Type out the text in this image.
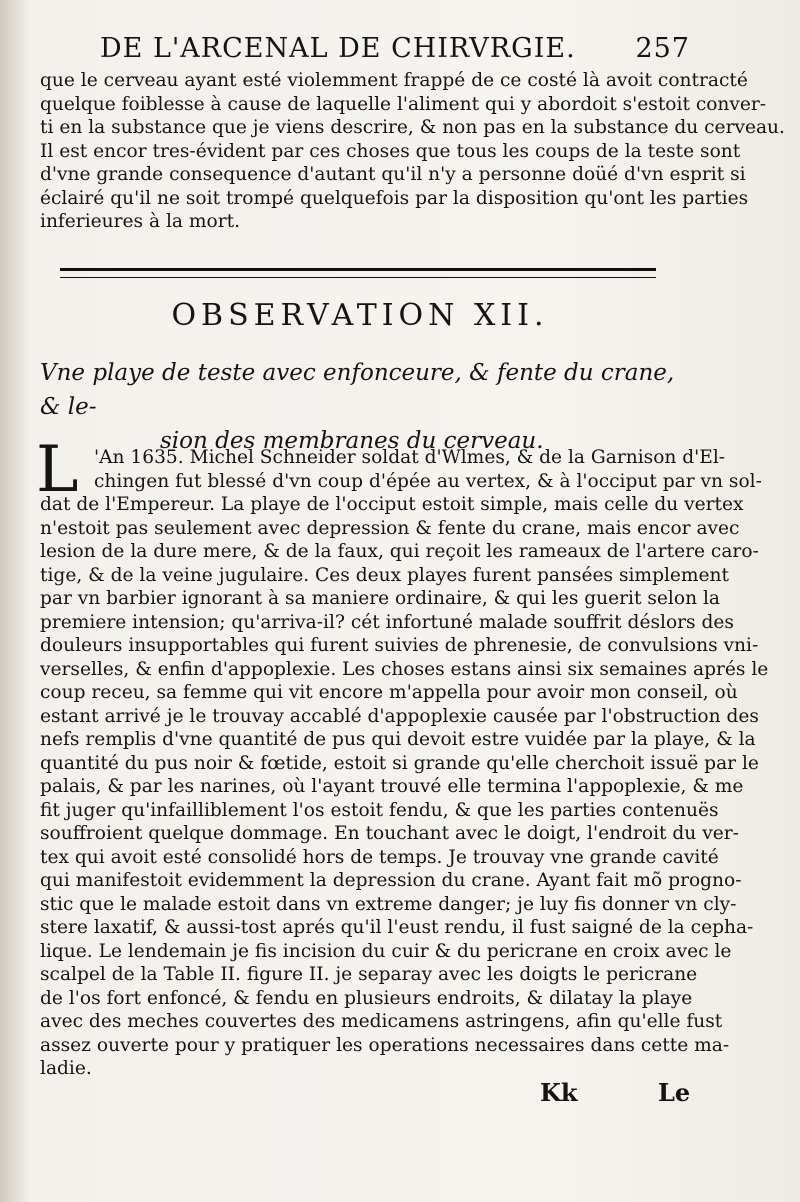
DE L'ARCENAL DE CHIRVRGIE. 257
que le cerveau ayant esté violemment frappé de ce costé là avoit contracté
quelque foiblesse à cause de laquelle l'aliment qui y abordoit s'estoit conver-
ti en la substance que je viens descrire, & non pas en la substance du cerveau.
Il est encor tres-évident par ces choses que tous les coups de la teste sont
d'vne grande consequence d'autant qu'il n'y a personne doüé d'vn esprit si
éclairé qu'il ne soit trompé quelquefois par la disposition qu'ont les parties
inferieures à la mort.
OBSERVATION XII.
Vne playe de teste avec enfonceure, & fente du crane, & le-
sion des membranes du cerveau.
L 'An 1635. Michel Schneider soldat d'Wlmes, & de la Garnison d'El-
chingen fut blessé d'vn coup d'épée au vertex, & à l'occiput par vn sol-
dat de l'Empereur. La playe de l'occiput estoit simple, mais celle du vertex
n'estoit pas seulement avec depression & fente du crane, mais encor avec
lesion de la dure mere, & de la faux, qui reçoit les rameaux de l'artere caro-
tige, & de la veine jugulaire. Ces deux playes furent pansées simplement
par vn barbier ignorant à sa maniere ordinaire, & qui les guerit selon la
premiere intension; qu'arriva-il? cét infortuné malade souffrit déslors des
douleurs insupportables qui furent suivies de phrenesie, de convulsions vni-
verselles, & enfin d'appoplexie. Les choses estans ainsi six semaines aprés le
coup receu, sa femme qui vit encore m'appella pour avoir mon conseil, où
estant arrivé je le trouvay accablé d'appoplexie causée par l'obstruction des
nefs remplis d'vne quantité de pus qui devoit estre vuidée par la playe, & la
quantité du pus noir & fœtide, estoit si grande qu'elle cherchoit issuë par le
palais, & par les narines, où l'ayant trouvé elle termina l'appoplexie, & me
fit juger qu'infailliblement l'os estoit fendu, & que les parties contenuës
souffroient quelque dommage. En touchant avec le doigt, l'endroit du ver-
tex qui avoit esté consolidé hors de temps. Je trouvay vne grande cavité
qui manifestoit evidemment la depression du crane. Ayant fait mõ progno-
stic que le malade estoit dans vn extreme danger; je luy fis donner vn cly-
stere laxatif, & aussi-tost aprés qu'il l'eust rendu, il fust saigné de la cepha-
lique. Le lendemain je fis incision du cuir & du pericrane en croix avec le
scalpel de la Table II. figure II. je separay avec les doigts le pericrane
de l'os fort enfoncé, & fendu en plusieurs endroits, & dilatay la playe
avec des meches couvertes des medicamens astringens, afin qu'elle fust
assez ouverte pour y pratiquer les operations necessaires dans cette ma-
ladie.
Kk	Le
